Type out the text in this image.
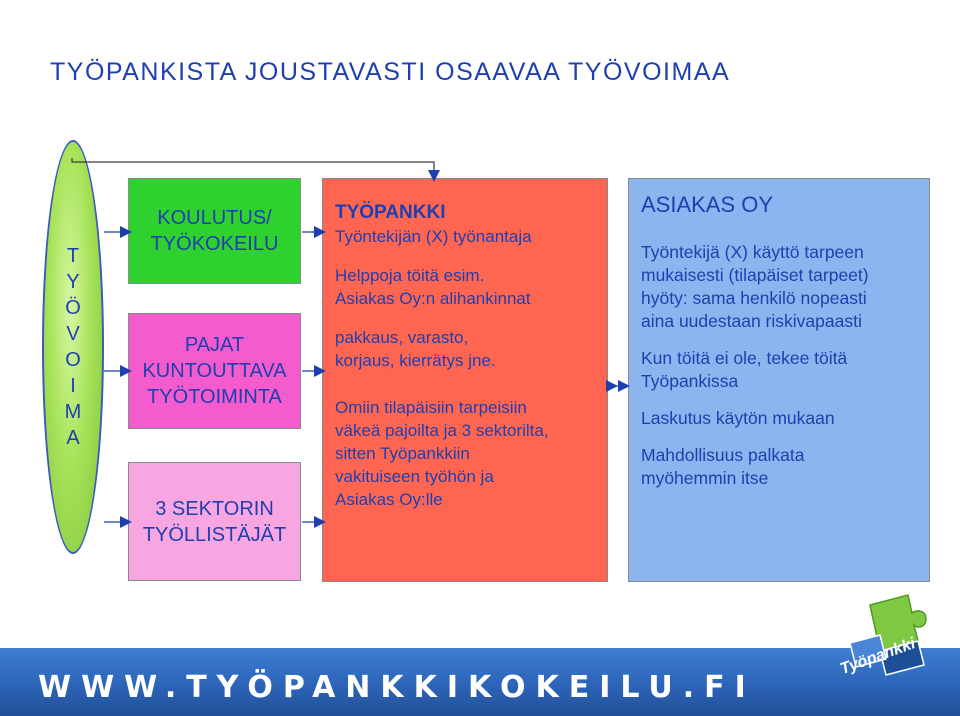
TYÖPANKISTA JOUSTAVASTI OSAAVAA TYÖVOIMAA
T
Y
Ö
V
O
I
M
A
KOULUTUS/
TYÖKOKEILU
PAJAT
KUNTOUTTAVA
TYÖTOIMINTA
3 SEKTORIN
TYÖLLISTÄJÄT
TYÖPANKKI
Työntekijän (X) työnantaja
Helppoja töitä esim.
Asiakas Oy:n alihankinnat
pakkaus, varasto,
korjaus, kierrätys jne.
Omiin tilapäisiin tarpeisiin
väkeä pajoilta ja 3 sektorilta,
sitten Työpankkiin
vakituiseen työhön ja
Asiakas Oy:lle
ASIAKAS OY
Työntekijä (X) käyttö tarpeen
mukaisesti (tilapäiset tarpeet)
hyöty: sama henkilö nopeasti
aina uudestaan riskivapaasti
Kun töitä ei ole, tekee töitä
Työpankissa
Laskutus käytön mukaan
Mahdollisuus palkata
myöhemmin itse
WWW.TYÖPANKKIKOKEILU.FI
Työpankki
